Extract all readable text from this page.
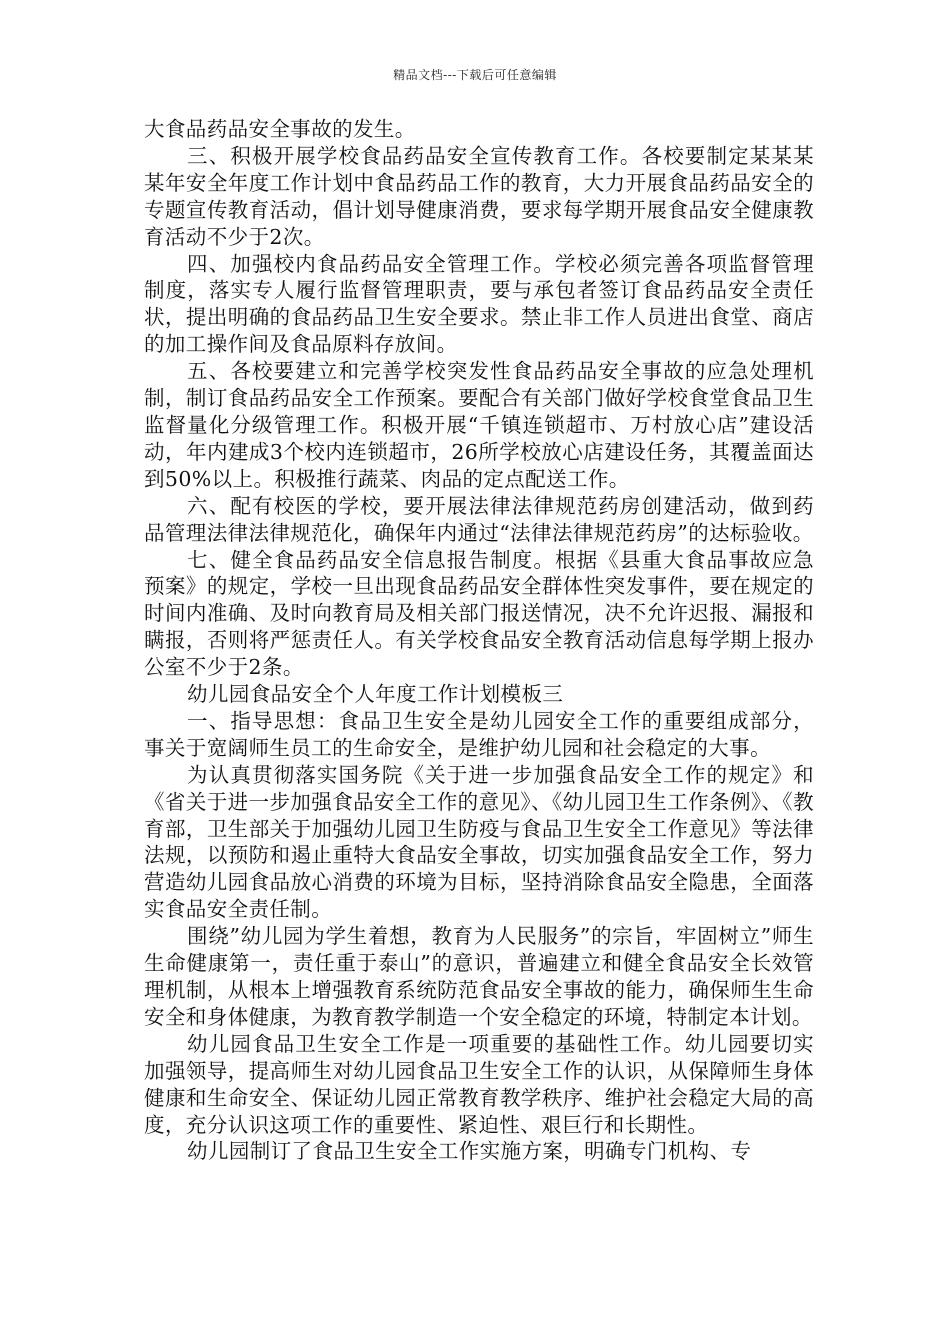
精品文档---下载后可任意编辑

大食品药品安全事故的发生。

三、积极开展学校食品药品安全宣传教育工作。各校要制定某某某某年安全年度工作计划中食品药品工作的教育，大力开展食品药品安全的专题宣传教育活动，倡计划导健康消费，要求每学期开展食品安全健康教育活动不少于2次。

四、加强校内食品药品安全管理工作。学校必须完善各项监督管理制度，落实专人履行监督管理职责，要与承包者签订食品药品安全责任状，提出明确的食品药品卫生安全要求。禁止非工作人员进出食堂、商店的加工操作间及食品原料存放间。

五、各校要建立和完善学校突发性食品药品安全事故的应急处理机制，制订食品药品安全工作预案。要配合有关部门做好学校食堂食品卫生监督量化分级管理工作。积极开展“千镇连锁超市、万村放心店”建设活动，年内建成3个校内连锁超市，26所学校放心店建设任务，其覆盖面达到50%以上。积极推行蔬菜、肉品的定点配送工作。

六、配有校医的学校，要开展法律法律规范药房创建活动，做到药品管理法律法律规范化，确保年内通过“法律法律规范药房”的达标验收。

七、健全食品药品安全信息报告制度。根据《县重大食品事故应急预案》的规定，学校一旦出现食品药品安全群体性突发事件，要在规定的时间内准确、及时向教育局及相关部门报送情况，决不允许迟报、漏报和瞒报，否则将严惩责任人。有关学校食品安全教育活动信息每学期上报办公室不少于2条。

幼儿园食品安全个人年度工作计划模板三

一、指导思想：食品卫生安全是幼儿园安全工作的重要组成部分，事关于宽阔师生员工的生命安全，是维护幼儿园和社会稳定的大事。

为认真贯彻落实国务院《关于进一步加强食品安全工作的规定》和《省关于进一步加强食品安全工作的意见》、《幼儿园卫生工作条例》、《教育部，卫生部关于加强幼儿园卫生防疫与食品卫生安全工作意见》等法律法规，以预防和遏止重特大食品安全事故，切实加强食品安全工作，努力营造幼儿园食品放心消费的环境为目标，坚持消除食品安全隐患，全面落实食品安全责任制。

围绕”幼儿园为学生着想，教育为人民服务”的宗旨，牢固树立”师生生命健康第一，责任重于泰山”的意识，普遍建立和健全食品安全长效管理机制，从根本上增强教育系统防范食品安全事故的能力，确保师生生命安全和身体健康，为教育教学制造一个安全稳定的环境，特制定本计划。

幼儿园食品卫生安全工作是一项重要的基础性工作。幼儿园要切实加强领导，提高师生对幼儿园食品卫生安全工作的认识，从保障师生身体健康和生命安全、保证幼儿园正常教育教学秩序、维护社会稳定大局的高度，充分认识这项工作的重要性、紧迫性、艰巨行和长期性。

幼儿园制订了食品卫生安全工作实施方案，明确专门机构、专
